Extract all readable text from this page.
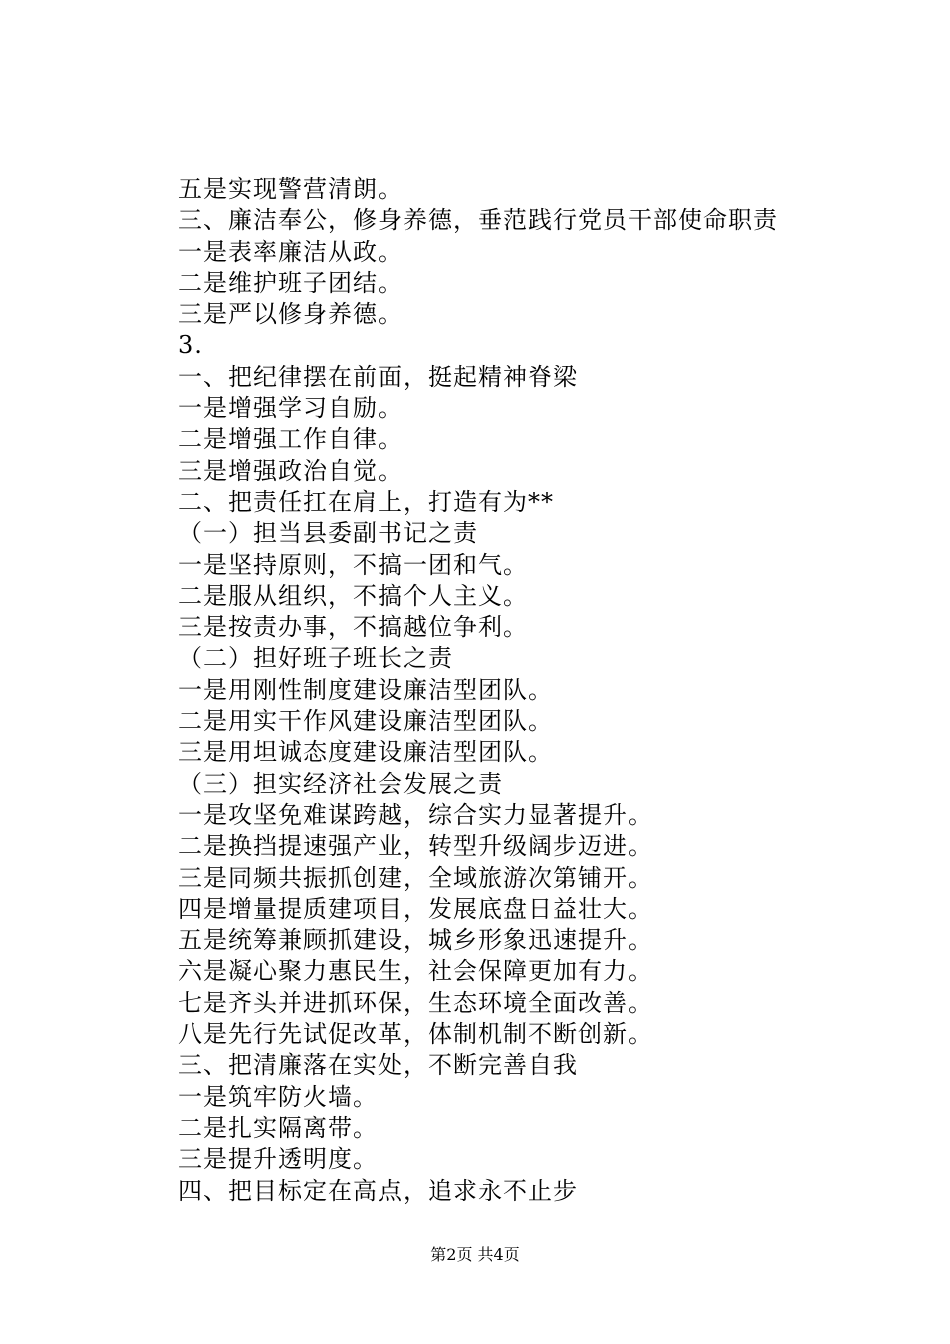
五是实现警营清朗。
三、廉洁奉公，修身养德，垂范践行党员干部使命职责
一是表率廉洁从政。
二是维护班子团结。
三是严以修身养德。
3.
一、把纪律摆在前面，挺起精神脊梁
一是增强学习自励。
二是增强工作自律。
三是增强政治自觉。
二、把责任扛在肩上，打造有为**
（一）担当县委副书记之责
一是坚持原则，不搞一团和气。
二是服从组织，不搞个人主义。
三是按责办事，不搞越位争利。
（二）担好班子班长之责
一是用刚性制度建设廉洁型团队。
二是用实干作风建设廉洁型团队。
三是用坦诚态度建设廉洁型团队。
（三）担实经济社会发展之责
一是攻坚免难谋跨越，综合实力显著提升。
二是换挡提速强产业，转型升级阔步迈进。
三是同频共振抓创建，全域旅游次第铺开。
四是增量提质建项目，发展底盘日益壮大。
五是统筹兼顾抓建设，城乡形象迅速提升。
六是凝心聚力惠民生，社会保障更加有力。
七是齐头并进抓环保，生态环境全面改善。
八是先行先试促改革，体制机制不断创新。
三、把清廉落在实处，不断完善自我
一是筑牢防火墙。
二是扎实隔离带。
三是提升透明度。
四、把目标定在高点，追求永不止步
第2页 共4页
